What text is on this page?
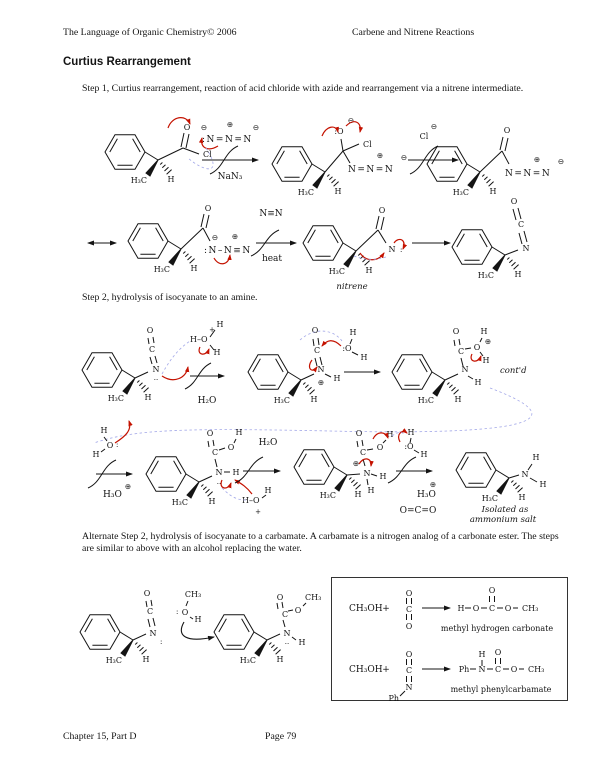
The Language of Organic Chemistry© 2006	Carbene and Nitrene Reactions
Curtius Rearrangement
Step 1, Curtius rearrangement, reaction of acid chloride with azide and rearrangement via a nitrene intermediate.
Step 2, hydrolysis of isocyanate to an amine.
Alternate Step 2, hydrolysis of isocyanate to a carbamate. A carbamate is a nitrogen analog of a carbonate ester. The steps are similar to above with an alcohol replacing the water.
Chapter 15, Part D	Page 79
H₃C	H
O
Cl
:N=N=N
⊖	⊕	⊖
NaN₃
H₃C	H
:O
⊖
Cl
N=N=N
⊕ ⊖
Cl
⊖
H₃C	H
O
N=N=N
⊕ ⊖
H₃C	H
O
:N–N≡N
⊖ ⊕
N≡N
heat
H₃C	H
O
N :
nitrene
H₃C	H
N
C
O
H₃C	H
N
··
C
O
H–O
+
H
H
H₂O	H₃C	H
N
⊕ H
C
O
:O
H
H
H₃C	H
N
H
C
O
O
⊕
H
H
cont'd
H
O :
H
H₃O
⊕
H₃C	H
N
··
H
C
O
O
H
H–O
H
+
H₂O
H₃C H
⊕
N H
H
C
O
O
H
:O
H
H
⊕
H₃O
O=C=O
H₃C	H
N
H
H
Isolated as
ammonium salt
H₃C	H
N
:
C
O	CH₃
O
:
H
H₃C	H
N
·· H
C
O
O
CH₃
CH₃OH +
O
C
O
H O C O CH₃
O
methyl hydrogen carbonate
CH₃OH +
O
C
N
Ph
Ph N C O CH₃
H O
methyl phenylcarbamate
